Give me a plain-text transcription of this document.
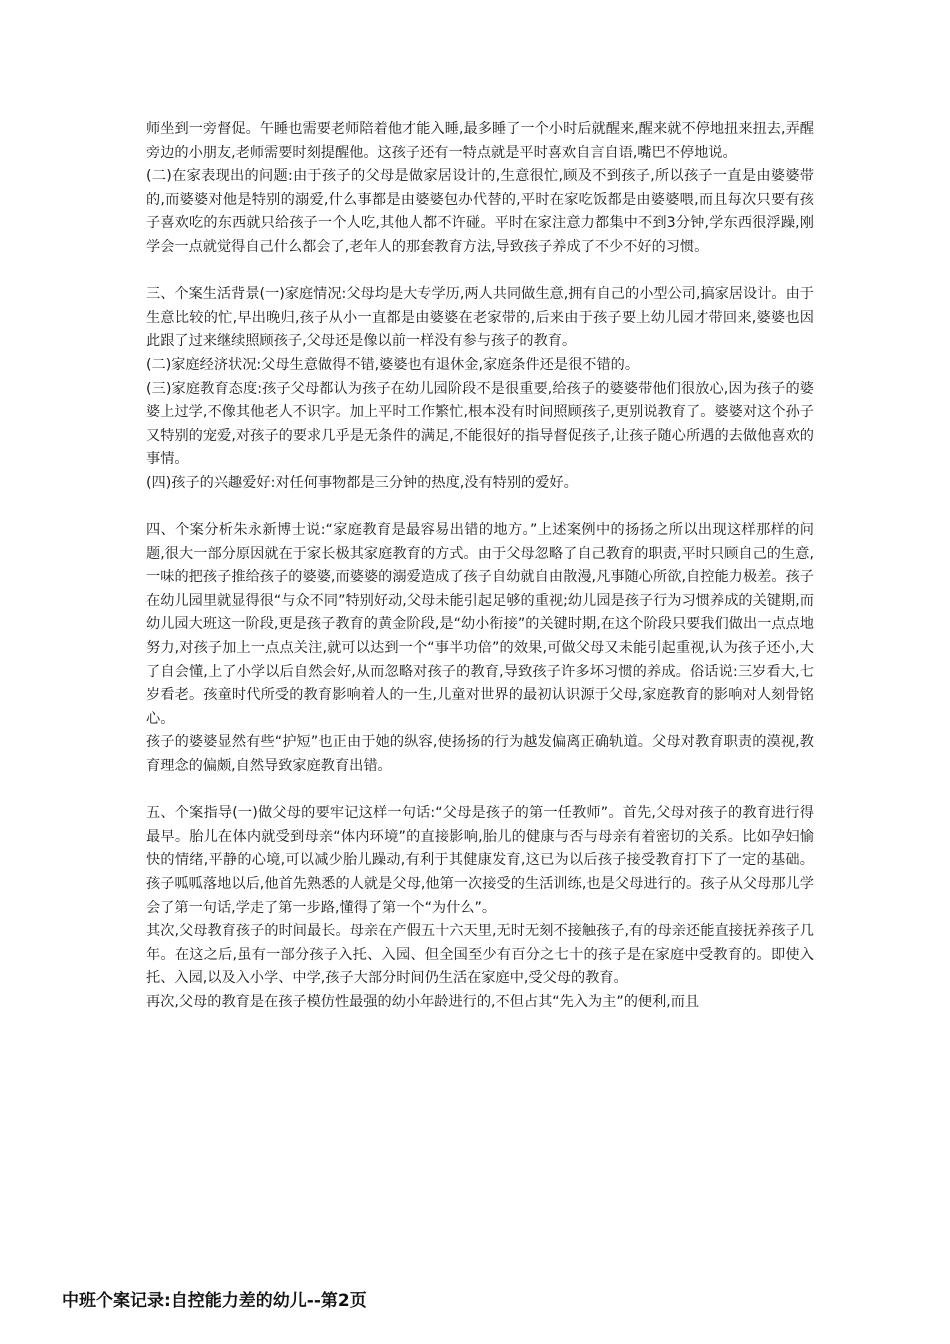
师坐到一旁督促。午睡也需要老师陪着他才能入睡,最多睡了一个小时后就醒来,醒来就不停地扭来扭去,弄醒旁边的小朋友,老师需要时刻提醒他。这孩子还有一特点就是平时喜欢自言自语,嘴巴不停地说。

(二)在家表现出的问题:由于孩子的父母是做家居设计的,生意很忙,顾及不到孩子,所以孩子一直是由婆婆带的,而婆婆对他是特别的溺爱,什么事都是由婆婆包办代替的,平时在家吃饭都是由婆婆喂,而且每次只要有孩子喜欢吃的东西就只给孩子一个人吃,其他人都不许碰。平时在家注意力都集中不到3分钟,学东西很浮躁,刚学会一点就觉得自己什么都会了,老年人的那套教育方法,导致孩子养成了不少不好的习惯。

三、个案生活背景(一)家庭情况:父母均是大专学历,两人共同做生意,拥有自己的小型公司,搞家居设计。由于生意比较的忙,早出晚归,孩子从小一直都是由婆婆在老家带的,后来由于孩子要上幼儿园才带回来,婆婆也因此跟了过来继续照顾孩子,父母还是像以前一样没有参与孩子的教育。

(二)家庭经济状况:父母生意做得不错,婆婆也有退休金,家庭条件还是很不错的。

(三)家庭教育态度:孩子父母都认为孩子在幼儿园阶段不是很重要,给孩子的婆婆带他们很放心,因为孩子的婆婆上过学,不像其他老人不识字。加上平时工作繁忙,根本没有时间照顾孩子,更别说教育了。婆婆对这个孙子又特别的宠爱,对孩子的要求几乎是无条件的满足,不能很好的指导督促孩子,让孩子随心所遇的去做他喜欢的事情。

(四)孩子的兴趣爱好:对任何事物都是三分钟的热度,没有特别的爱好。

四、个案分析朱永新博士说:“家庭教育是最容易出错的地方。”上述案例中的扬扬之所以出现这样那样的问题,很大一部分原因就在于家长极其家庭教育的方式。由于父母忽略了自己教育的职责,平时只顾自己的生意,一味的把孩子推给孩子的婆婆,而婆婆的溺爱造成了孩子自幼就自由散漫,凡事随心所欲,自控能力极差。孩子在幼儿园里就显得很“与众不同”特别好动,父母未能引起足够的重视;幼儿园是孩子行为习惯养成的关键期,而幼儿园大班这一阶段,更是孩子教育的黄金阶段,是“幼小衔接”的关键时期,在这个阶段只要我们做出一点点地努力,对孩子加上一点点关注,就可以达到一个“事半功倍”的效果,可做父母又未能引起重视,认为孩子还小,大了自会懂,上了小学以后自然会好,从而忽略对孩子的教育,导致孩子许多坏习惯的养成。俗话说:三岁看大,七岁看老。孩童时代所受的教育影响着人的一生,儿童对世界的最初认识源于父母,家庭教育的影响对人刻骨铭心。

孩子的婆婆显然有些“护短”也正由于她的纵容,使扬扬的行为越发偏离正确轨道。父母对教育职责的漠视,教育理念的偏颇,自然导致家庭教育出错。

五、个案指导(一)做父母的要牢记这样一句话:“父母是孩子的第一任教师”。首先,父母对孩子的教育进行得最早。胎儿在体内就受到母亲“体内环境”的直接影响,胎儿的健康与否与母亲有着密切的关系。比如孕妇愉快的情绪,平静的心境,可以减少胎儿躁动,有利于其健康发育,这已为以后孩子接受教育打下了一定的基础。孩子呱呱落地以后,他首先熟悉的人就是父母,他第一次接受的生活训练,也是父母进行的。孩子从父母那儿学会了第一句话,学走了第一步路,懂得了第一个“为什么”。

其次,父母教育孩子的时间最长。母亲在产假五十六天里,无时无刻不接触孩子,有的母亲还能直接抚养孩子几年。在这之后,虽有一部分孩子入托、入园、但全国至少有百分之七十的孩子是在家庭中受教育的。即使入托、入园,以及入小学、中学,孩子大部分时间仍生活在家庭中,受父母的教育。

再次,父母的教育是在孩子模仿性最强的幼小年龄进行的,不但占其“先入为主”的便利,而且

中班个案记录:自控能力差的幼儿--第2页
